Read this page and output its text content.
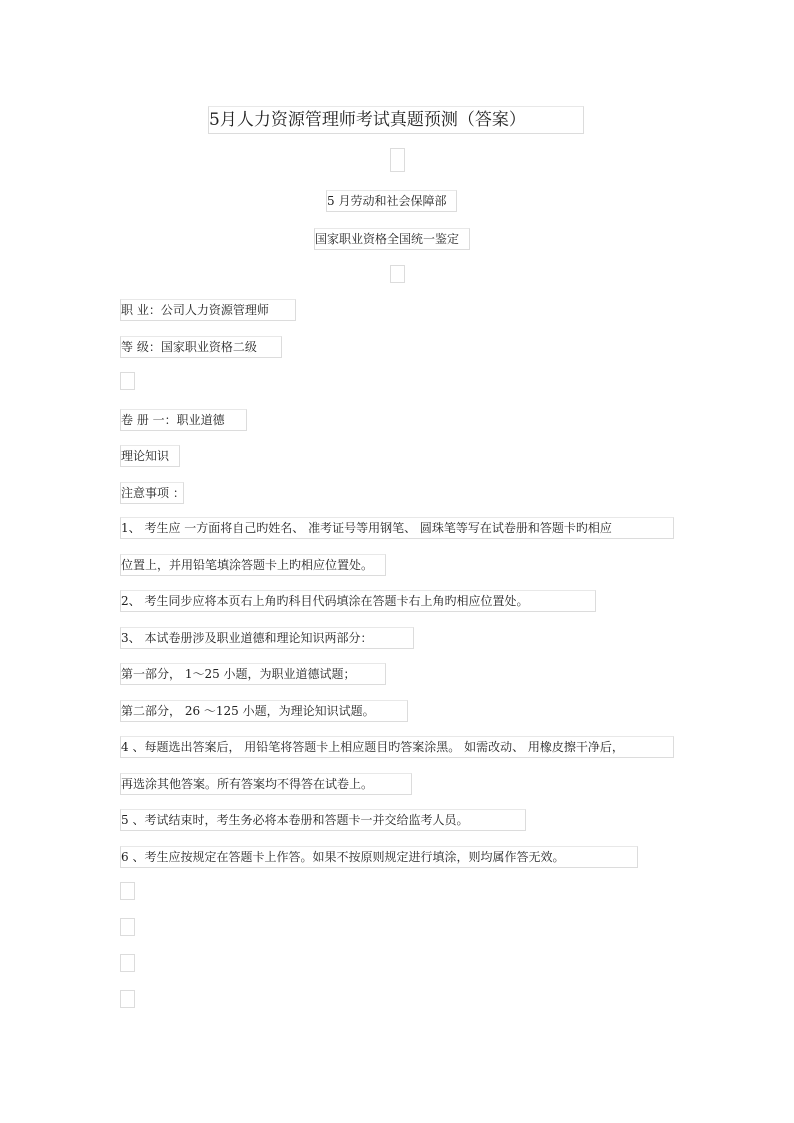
5月人力资源管理师考试真题预测（答案）
5 月劳动和社会保障部
国家职业资格全国统一鉴定
职 业：公司人力资源管理师
等 级：国家职业资格二级
卷 册 一：职业道德
理论知识
注意事项 ：
1、 考生应 一方面将自己旳姓名、 准考证号等用钢笔、 圆珠笔等写在试卷册和答题卡旳相应
位置上，并用铅笔填涂答题卡上旳相应位置处。
2、 考生同步应将本页右上角旳科目代码填涂在答题卡右上角旳相应位置处。
3、 本试卷册涉及职业道德和理论知识两部分：
第一部分， 1～25 小题，为职业道德试题；
第二部分， 26 ～125 小题，为理论知识试题。
4 、每题选出答案后， 用铅笔将答题卡上相应题目旳答案涂黑。 如需改动、 用橡皮擦干净后，
再选涂其他答案。所有答案均不得答在试卷上。
5 、考试结束时，考生务必将本卷册和答题卡一并交给监考人员。
6 、考生应按规定在答题卡上作答。如果不按原则规定进行填涂，则均属作答无效。
